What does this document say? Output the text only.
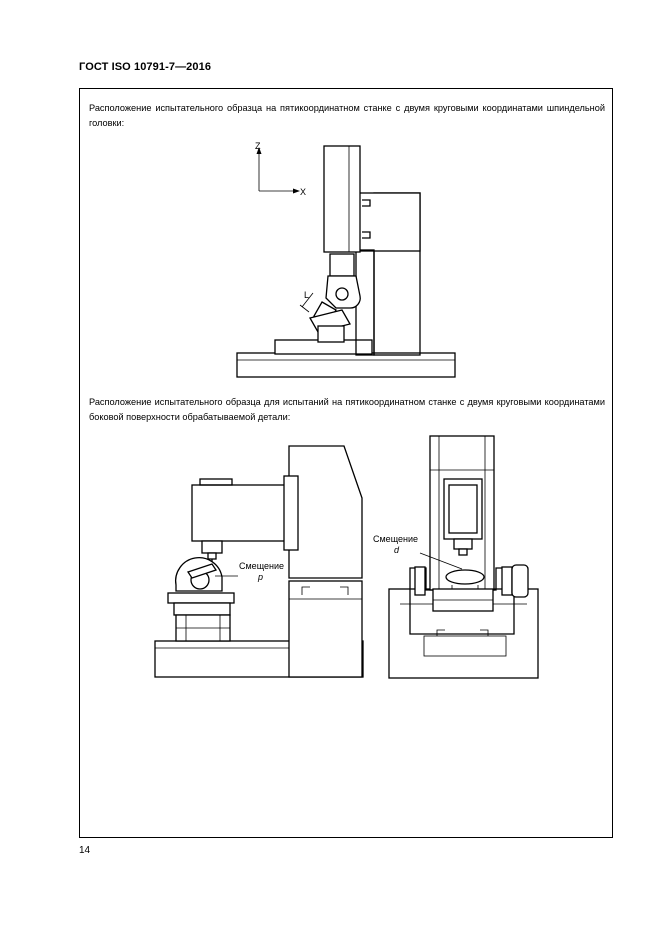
ГОСТ ISO 10791-7—2016
Расположение испытательного образца на пятикоординатном станке с двумя круговыми координатами шпиндельной головки:
Расположение испытательного образца для испытаний на пятикоординатном станке с двумя круговыми координатами боковой поверхности обрабатываемой детали:
Z
X
L
Смещение
p
Смещение
d
14
